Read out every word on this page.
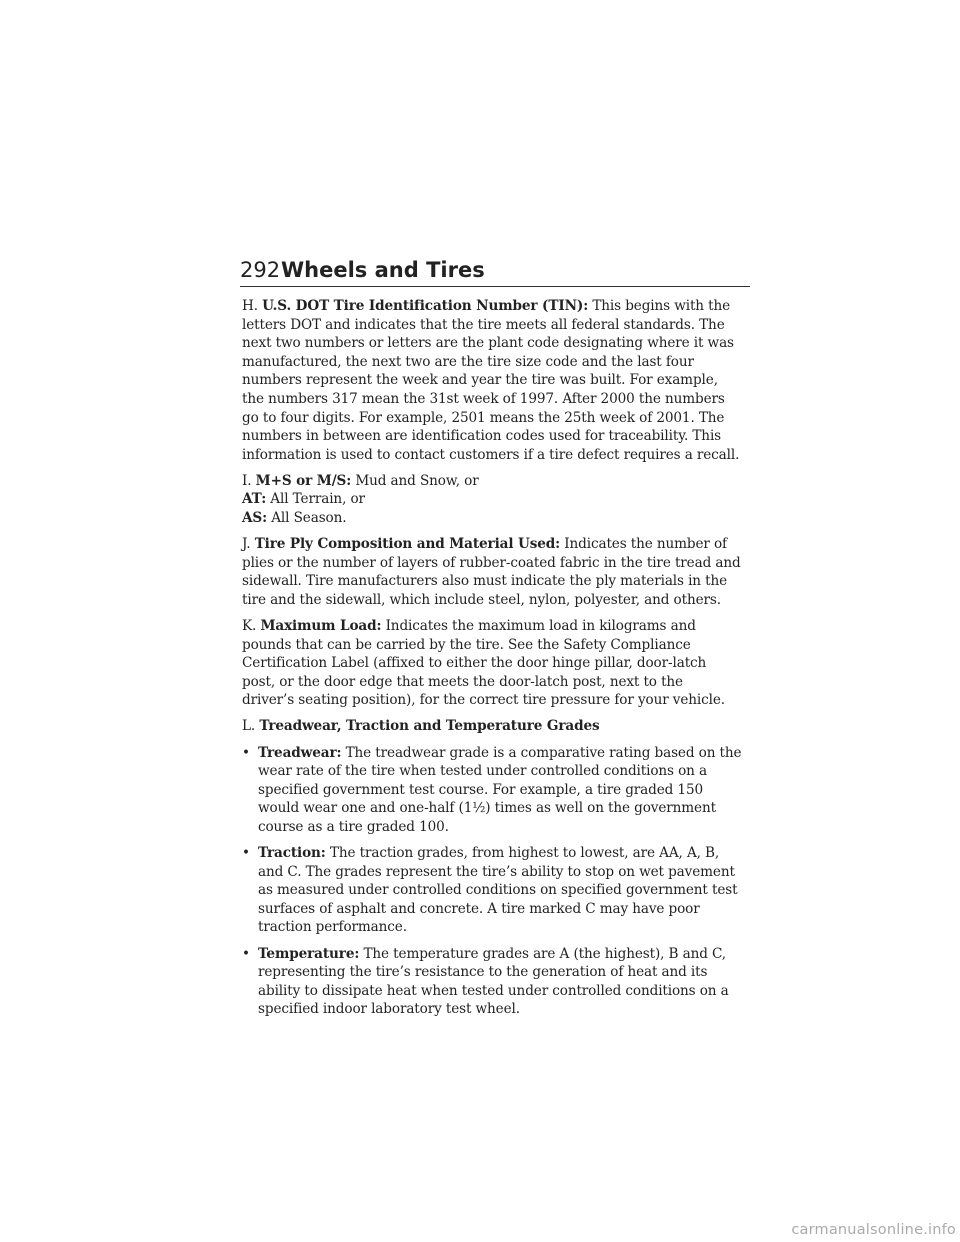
292 Wheels and Tires

H. U.S. DOT Tire Identification Number (TIN): This begins with the
letters DOT and indicates that the tire meets all federal standards. The
next two numbers or letters are the plant code designating where it was
manufactured, the next two are the tire size code and the last four
numbers represent the week and year the tire was built. For example,
the numbers 317 mean the 31st week of 1997. After 2000 the numbers
go to four digits. For example, 2501 means the 25th week of 2001. The
numbers in between are identification codes used for traceability. This
information is used to contact customers if a tire defect requires a recall.

I. M+S or M/S: Mud and Snow, or
AT: All Terrain, or
AS: All Season.

J. Tire Ply Composition and Material Used: Indicates the number of
plies or the number of layers of rubber-coated fabric in the tire tread and
sidewall. Tire manufacturers also must indicate the ply materials in the
tire and the sidewall, which include steel, nylon, polyester, and others.

K. Maximum Load: Indicates the maximum load in kilograms and
pounds that can be carried by the tire. See the Safety Compliance
Certification Label (affixed to either the door hinge pillar, door-latch
post, or the door edge that meets the door-latch post, next to the
driver’s seating position), for the correct tire pressure for your vehicle.

L. Treadwear, Traction and Temperature Grades

• Treadwear: The treadwear grade is a comparative rating based on the
wear rate of the tire when tested under controlled conditions on a
specified government test course. For example, a tire graded 150
would wear one and one-half (1½) times as well on the government
course as a tire graded 100.
• Traction: The traction grades, from highest to lowest, are AA, A, B,
and C. The grades represent the tire’s ability to stop on wet pavement
as measured under controlled conditions on specified government test
surfaces of asphalt and concrete. A tire marked C may have poor
traction performance.
• Temperature: The temperature grades are A (the highest), B and C,
representing the tire’s resistance to the generation of heat and its
ability to dissipate heat when tested under controlled conditions on a
specified indoor laboratory test wheel.
carmanualsonline.info
